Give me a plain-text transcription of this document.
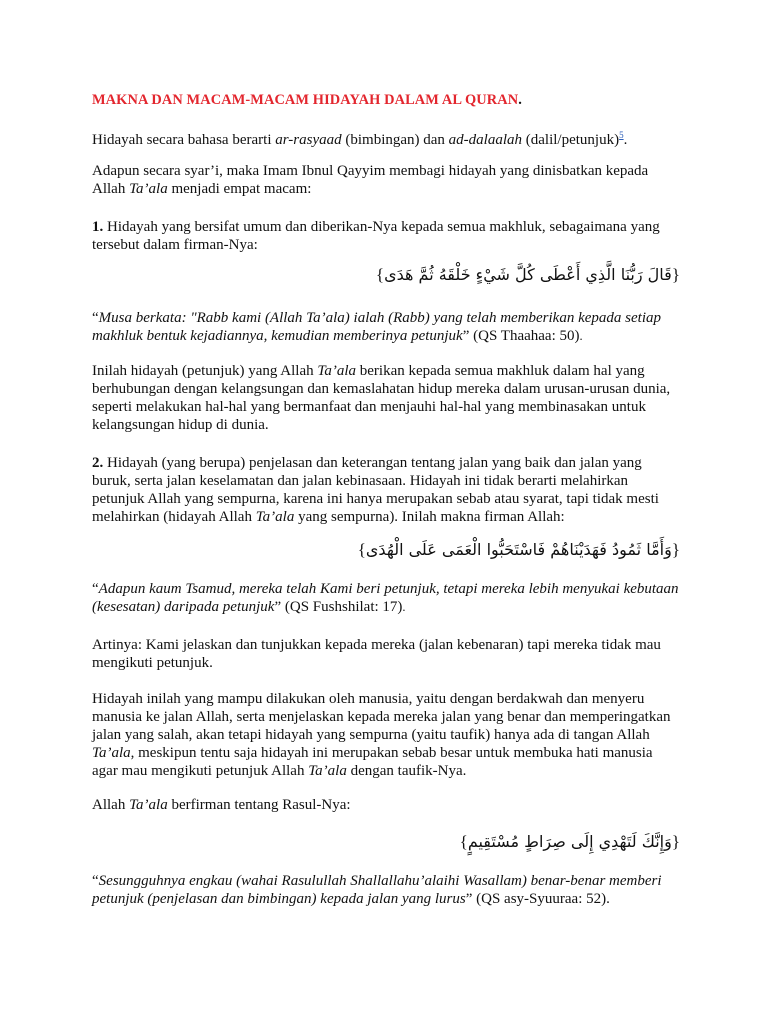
MAKNA DAN MACAM-MACAM HIDAYAH DALAM AL QURAN.

Hidayah secara bahasa berarti ar-rasyaad (bimbingan) dan ad-dalaalah (dalil/petunjuk)$^5$.

Adapun secara syar’i, maka Imam Ibnul Qayyim membagi hidayah yang dinisbatkan kepada Allah Ta’ala menjadi empat macam:

1. Hidayah yang bersifat umum dan diberikan-Nya kepada semua makhluk, sebagaimana yang tersebut dalam firman-Nya:

{قَالَ رَبُّنَا الَّذِي أَعْطَى كُلَّ شَيْءٍ خَلْقَهُ ثُمَّ هَدَى}

“Musa berkata: "Rabb kami (Allah Ta’ala) ialah (Rabb) yang telah memberikan kepada setiap makhluk bentuk kejadiannya, kemudian memberinya petunjuk” (QS Thaahaa: 50).

Inilah hidayah (petunjuk) yang Allah Ta’ala berikan kepada semua makhluk dalam hal yang berhubungan dengan kelangsungan dan kemaslahatan hidup mereka dalam urusan-urusan dunia, seperti melakukan hal-hal yang bermanfaat dan menjauhi hal-hal yang membinasakan untuk kelangsungan hidup di dunia.

2. Hidayah (yang berupa) penjelasan dan keterangan tentang jalan yang baik dan jalan yang buruk, serta jalan keselamatan dan jalan kebinasaan. Hidayah ini tidak berarti melahirkan petunjuk Allah yang sempurna, karena ini hanya merupakan sebab atau syarat, tapi tidak mesti melahirkan (hidayah Allah Ta’ala yang sempurna). Inilah makna firman Allah:

{وَأَمَّا ثَمُودُ فَهَدَيْنَاهُمْ فَاسْتَحَبُّوا الْعَمَى عَلَى الْهُدَى}

“Adapun kaum Tsamud, mereka telah Kami beri petunjuk, tetapi mereka lebih menyukai kebutaan (kesesatan) daripada petunjuk” (QS Fushshilat: 17).

Artinya: Kami jelaskan dan tunjukkan kepada mereka (jalan kebenaran) tapi mereka tidak mau mengikuti petunjuk.

Hidayah inilah yang mampu dilakukan oleh manusia, yaitu dengan berdakwah dan menyeru manusia ke jalan Allah, serta menjelaskan kepada mereka jalan yang benar dan memperingatkan jalan yang salah, akan tetapi hidayah yang sempurna (yaitu taufik) hanya ada di tangan Allah Ta’ala, meskipun tentu saja hidayah ini merupakan sebab besar untuk membuka hati manusia agar mau mengikuti petunjuk Allah Ta’ala dengan taufik-Nya.

Allah Ta’ala berfirman tentang Rasul-Nya:

{وَإِنَّكَ لَتَهْدِي إِلَى صِرَاطٍ مُسْتَقِيمٍ}

“Sesungguhnya engkau (wahai Rasulullah Shallallahu’alaihi Wasallam) benar-benar memberi petunjuk (penjelasan dan bimbingan) kepada jalan yang lurus” (QS asy-Syuuraa: 52).
